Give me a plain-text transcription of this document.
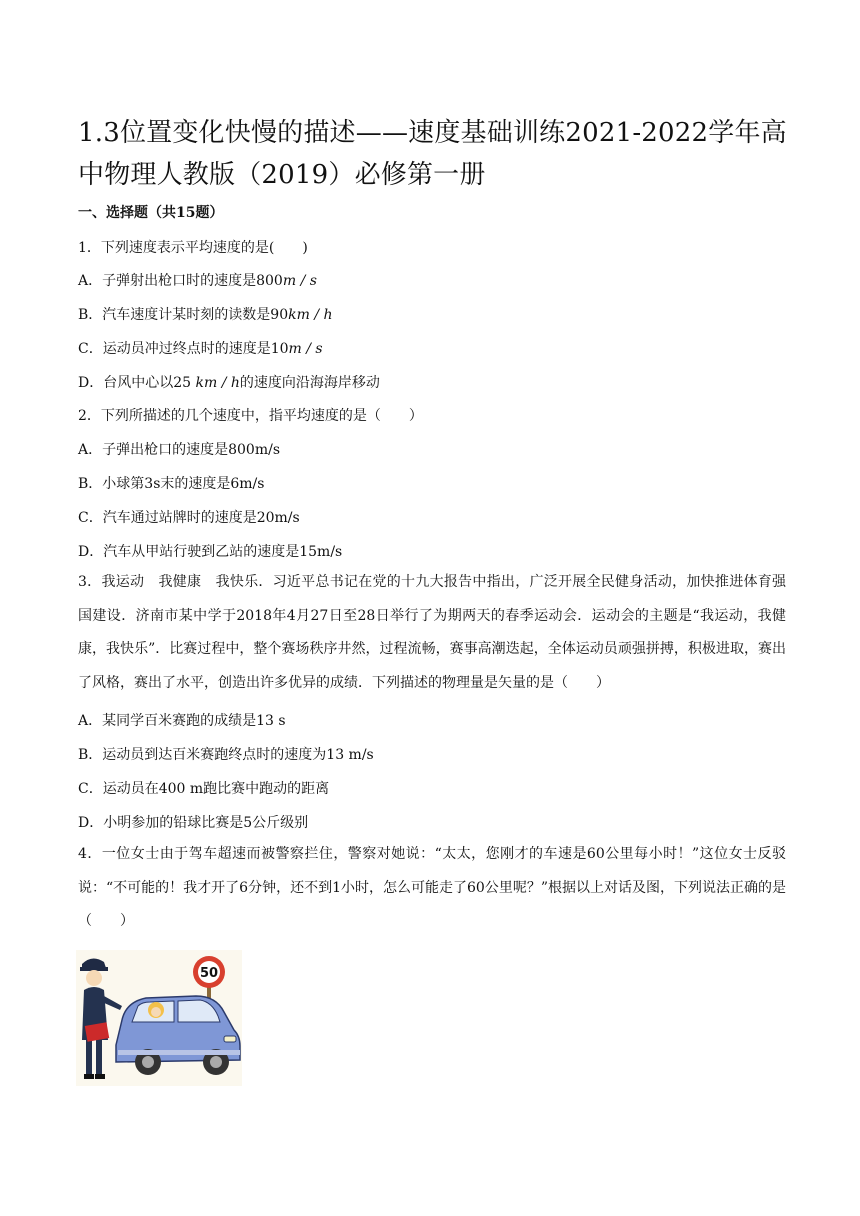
1.3位置变化快慢的描述——速度基础训练2021-2022学年高中物理人教版（2019）必修第一册
一、选择题（共15题）
1．下列速度表示平均速度的是(　　)
A．子弹射出枪口时的速度是800m / s
B．汽车速度计某时刻的读数是90km / h
C．运动员冲过终点时的速度是10m / s
D．台风中心以25 km / h的速度向沿海海岸移动
2．下列所描述的几个速度中，指平均速度的是（　　）
A．子弹出枪口的速度是800m/s
B．小球第3s末的速度是6m/s
C．汽车通过站牌时的速度是20m/s
D．汽车从甲站行驶到乙站的速度是15m/s
3．我运动　我健康　我快乐．习近平总书记在党的十九大报告中指出，广泛开展全民健身活动，加快推进体育强国建设．济南市某中学于2018年4月27日至28日举行了为期两天的春季运动会．运动会的主题是“我运动，我健康，我快乐”．比赛过程中，整个赛场秩序井然，过程流畅，赛事高潮迭起，全体运动员顽强拼搏，积极进取，赛出了风格，赛出了水平，创造出许多优异的成绩．下列描述的物理量是矢量的是（　　）
A．某同学百米赛跑的成绩是13 s
B．运动员到达百米赛跑终点时的速度为13 m/s
C．运动员在400 m跑比赛中跑动的距离
D．小明参加的铅球比赛是5公斤级别
4．一位女士由于驾车超速而被警察拦住，警察对她说：“太太，您刚才的车速是60公里每小时！”这位女士反驳说：“不可能的！我才开了6分钟，还不到1小时，怎么可能走了60公里呢？”根据以上对话及图，下列说法正确的是（　　）
50
